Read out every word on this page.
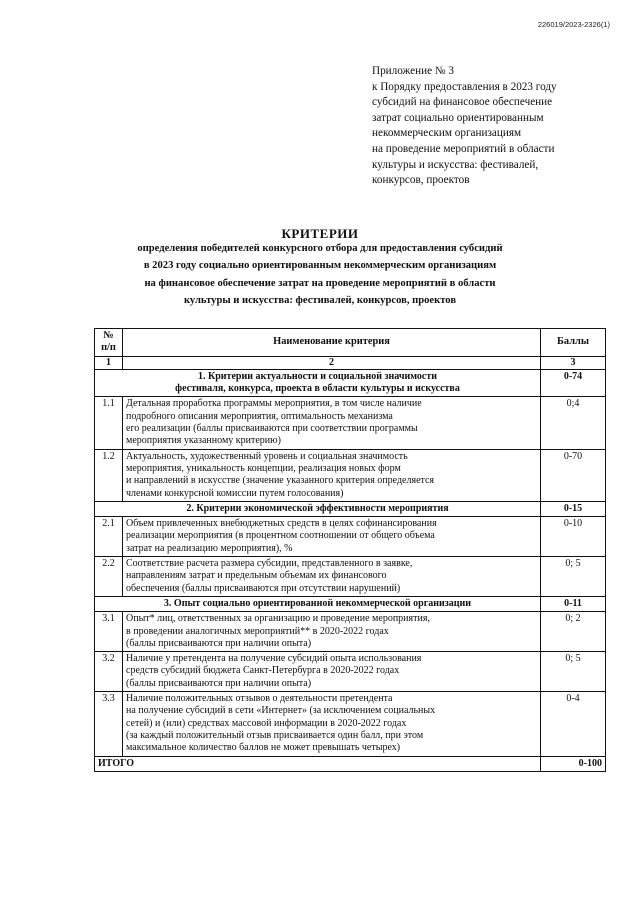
226019/2023-2326(1)
Приложение № 3
к Порядку предоставления в 2023 году
субсидий на финансовое обеспечение
затрат социально ориентированным
некоммерческим организациям
на проведение мероприятий в области
культуры и искусства: фестивалей,
конкурсов, проектов
КРИТЕРИИ
определения победителей конкурсного отбора для предоставления субсидий
в 2023 году социально ориентированным некоммерческим организациям
на финансовое обеспечение затрат на проведение мероприятий в области
культуры и искусства: фестивалей, конкурсов, проектов
№ п/п	Наименование критерия	Баллы
1	2	3

1. Критерии актуальности и социальной значимости
фестиваля, конкурса, проекта в области культуры и искусства		0-74
1.1	Детальная проработка программы мероприятия, в том числе наличие
подробного описания мероприятия, оптимальность механизма
его реализации (баллы присваиваются при соответствии программы
мероприятия указанному критерию)	0;4
1.2	Актуальность, художественный уровень и социальная значимость
мероприятия, уникальность концепции, реализация новых форм
и направлений в искусстве (значение указанного критерия определяется
членами конкурсной комиссии путем голосования)	0-70

2. Критерии экономической эффективности мероприятия		0-15
2.1	Объем привлеченных внебюджетных средств в целях софинансирования
реализации мероприятия (в процентном соотношении от общего объема
затрат на реализацию мероприятия), %	0-10
2.2	Соответствие расчета размера субсидии, представленного в заявке,
направлениям затрат и предельным объемам их финансового
обеспечения (баллы присваиваются при отсутствии нарушений)	0; 5

3. Опыт социально ориентированной некоммерческой организации		0-11
3.1	Опыт* лиц, ответственных за организацию и проведение мероприятия,
в проведении аналогичных мероприятий** в 2020-2022 годах
(баллы присваиваются при наличии опыта)	0; 2
3.2	Наличие у претендента на получение субсидий опыта использования
средств субсидий бюджета Санкт-Петербурга в 2020-2022 годах
(баллы присваиваются при наличии опыта)	0; 5
3.3	Наличие положительных отзывов о деятельности претендента
на получение субсидий в сети «Интернет» (за исключением социальных
сетей) и (или) средствах массовой информации в 2020-2022 годах
(за каждый положительный отзыв присваивается один балл, при этом
максимальное количество баллов не может превышать четырех)	0-4
ИТОГО		0-100
